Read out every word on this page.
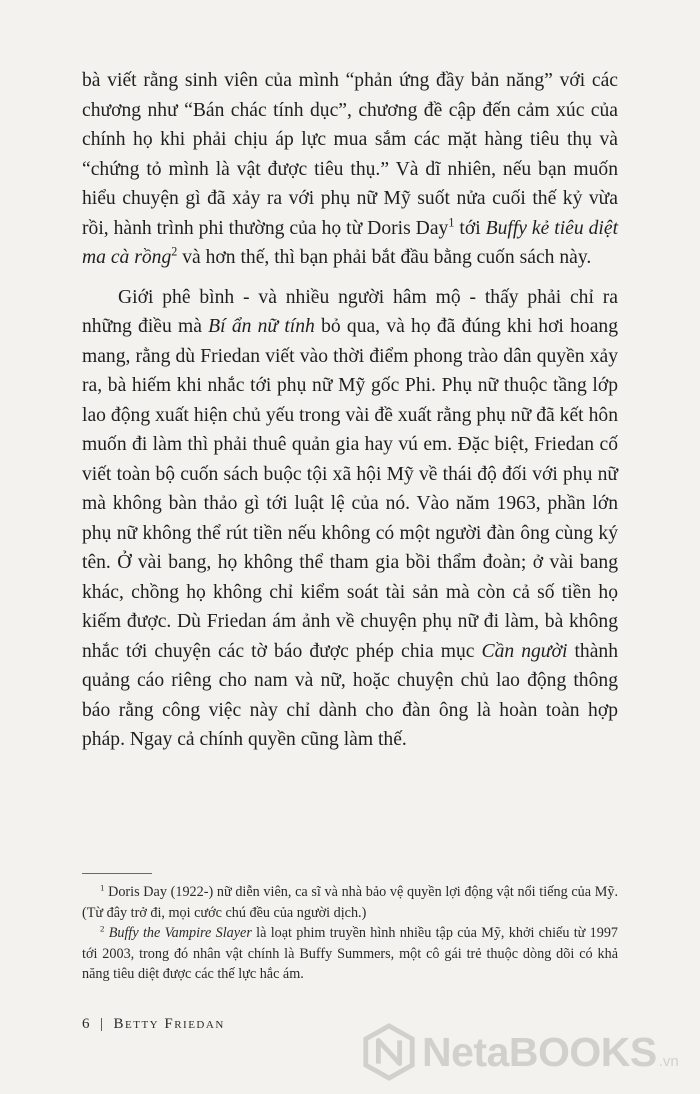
bà viết rằng sinh viên của mình “phản ứng đầy bản năng” với các chương như “Bán chác tính dục”, chương đề cập đến cảm xúc của chính họ khi phải chịu áp lực mua sắm các mặt hàng tiêu thụ và “chứng tỏ mình là vật được tiêu thụ.” Và dĩ nhiên, nếu bạn muốn hiểu chuyện gì đã xảy ra với phụ nữ Mỹ suốt nửa cuối thế kỷ vừa rồi, hành trình phi thường của họ từ Doris Day$^1$ tới Buffy kẻ tiêu diệt ma cà rồng$^2$ và hơn thế, thì bạn phải bắt đầu bằng cuốn sách này.

Giới phê bình - và nhiều người hâm mộ - thấy phải chỉ ra những điều mà Bí ẩn nữ tính bỏ qua, và họ đã đúng khi hơi hoang mang, rằng dù Friedan viết vào thời điểm phong trào dân quyền xảy ra, bà hiếm khi nhắc tới phụ nữ Mỹ gốc Phi. Phụ nữ thuộc tầng lớp lao động xuất hiện chủ yếu trong vài đề xuất rằng phụ nữ đã kết hôn muốn đi làm thì phải thuê quản gia hay vú em. Đặc biệt, Friedan cố viết toàn bộ cuốn sách buộc tội xã hội Mỹ về thái độ đối với phụ nữ mà không bàn thảo gì tới luật lệ của nó. Vào năm 1963, phần lớn phụ nữ không thể rút tiền nếu không có một người đàn ông cùng ký tên. Ở vài bang, họ không thể tham gia bồi thẩm đoàn; ở vài bang khác, chồng họ không chỉ kiểm soát tài sản mà còn cả số tiền họ kiếm được. Dù Friedan ám ảnh về chuyện phụ nữ đi làm, bà không nhắc tới chuyện các tờ báo được phép chia mục Cần người thành quảng cáo riêng cho nam và nữ, hoặc chuyện chủ lao động thông báo rằng công việc này chỉ dành cho đàn ông là hoàn toàn hợp pháp. Ngay cả chính quyền cũng làm thế.

$^1$ Doris Day (1922-) nữ diễn viên, ca sĩ và nhà bảo vệ quyền lợi động vật nổi tiếng của Mỹ. (Từ đây trở đi, mọi cước chú đều của người dịch.)

$^2$ Buffy the Vampire Slayer là loạt phim truyền hình nhiều tập của Mỹ, khởi chiếu từ 1997 tới 2003, trong đó nhân vật chính là Buffy Summers, một cô gái trẻ thuộc dòng dõi có khả năng tiêu diệt được các thế lực hắc ám.

6 | Betty Friedan
NetaBOOKS .vn
